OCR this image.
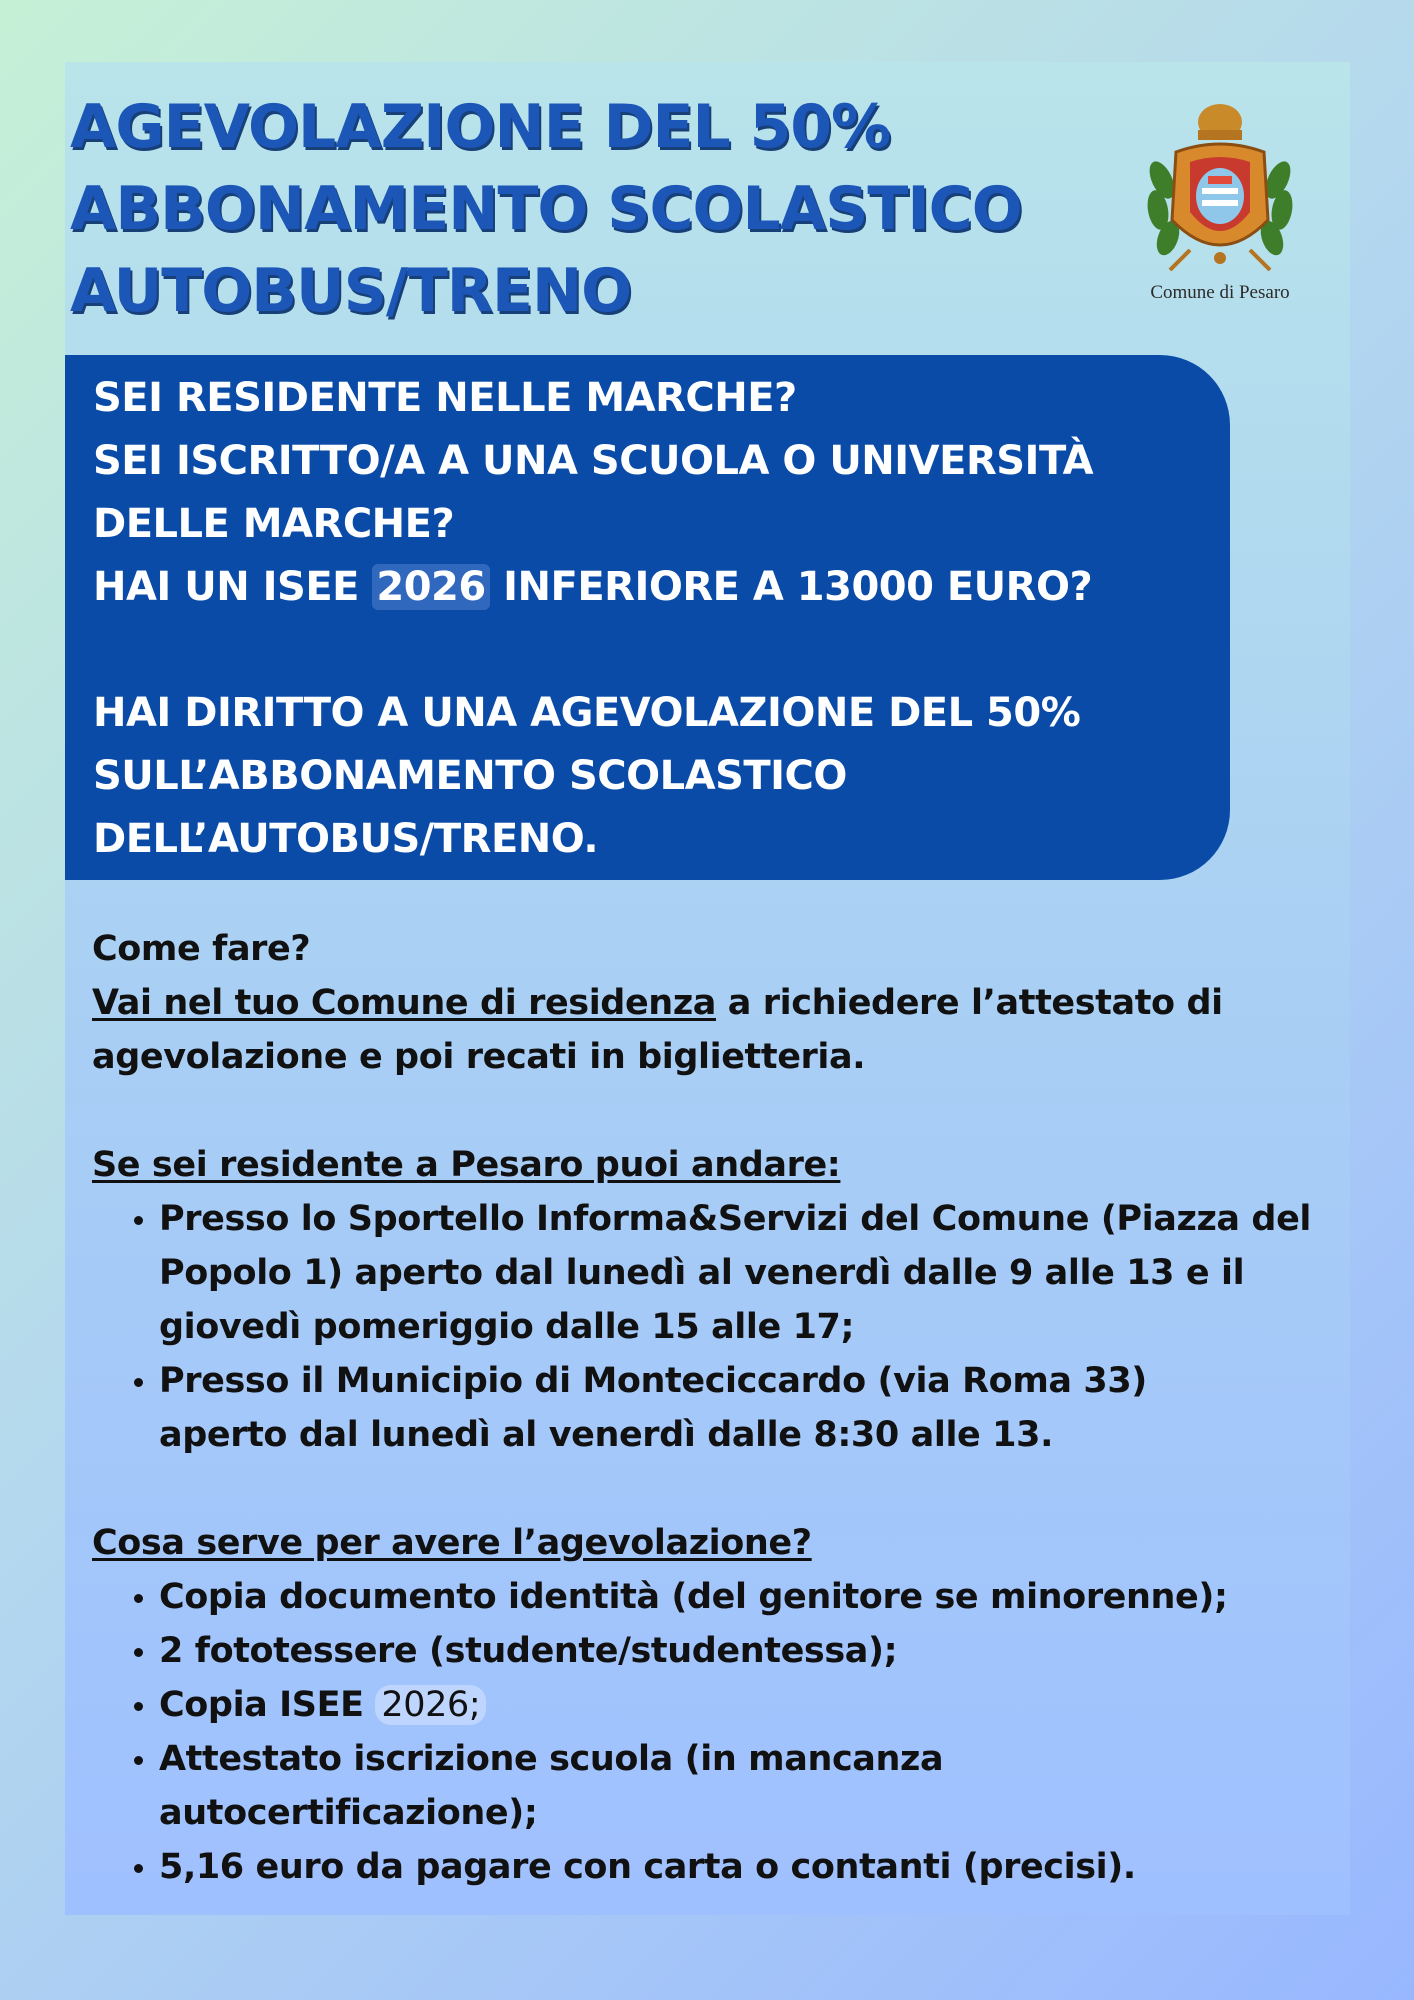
AGEVOLAZIONE DEL 50%
ABBONAMENTO SCOLASTICO
AUTOBUS/TRENO	Comune di Pesaro
SEI RESIDENTE NELLE MARCHE?
SEI ISCRITTO/A A UNA SCUOLA O UNIVERSITÀ
DELLE MARCHE?
HAI UN ISEE 2026 INFERIORE A 13000 EURO?
HAI DIRITTO A UNA AGEVOLAZIONE DEL 50%
SULL’ABBONAMENTO SCOLASTICO
DELL’AUTOBUS/TRENO.

Come fare?

Vai nel tuo Comune di residenza a richiedere l’attestato di

agevolazione e poi recati in biglietteria.

Se sei residente a Pesaro puoi andare:

• Presso lo Sportello Informa&Servizi del Comune (Piazza del Popolo 1) aperto dal lunedì al venerdì dalle 9 alle 13 e il giovedì pomeriggio dalle 15 alle 17;
• Presso il Municipio di Monteciccardo (via Roma 33) aperto dal lunedì al venerdì dalle 8:30 alle 13.

Cosa serve per avere l’agevolazione?

• Copia documento identità (del genitore se minorenne);
• 2 fototessere (studente/studentessa);
• Copia ISEE 2026;
• Attestato iscrizione scuola (in mancanza autocertificazione);
• 5,16 euro da pagare con carta o contanti (precisi).
